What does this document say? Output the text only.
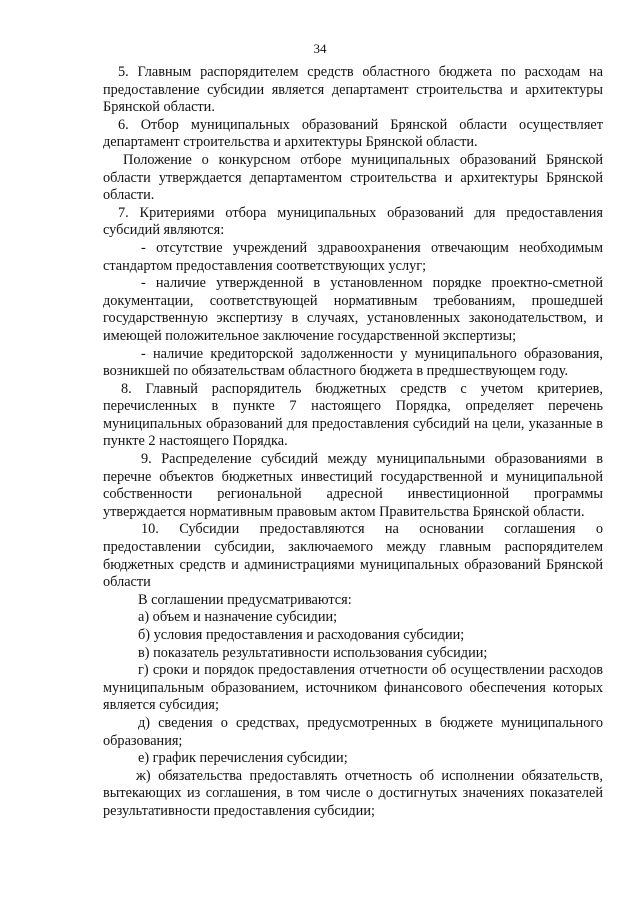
34

5. Главным распорядителем средств областного бюджета по расходам на предоставление субсидии является департамент строительства и архитектуры Брянской области.

6. Отбор муниципальных образований Брянской области осуществляет департамент строительства и архитектуры Брянской области.

Положение о конкурсном отборе муниципальных образований Брянской области утверждается департаментом строительства и архитектуры Брянской области.

7. Критериями отбора муниципальных образований для предоставления субсидий являются:

- отсутствие учреждений здравоохранения отвечающим необходимым стандартом предоставления соответствующих услуг;

- наличие утвержденной в установленном порядке проектно-сметной документации, соответствующей нормативным требованиям, прошедшей государственную экспертизу в случаях, установленных законодательством, и имеющей положительное заключение государственной экспертизы;

- наличие кредиторской задолженности у муниципального образования, возникшей по обязательствам областного бюджета в предшествующем году.

8. Главный распорядитель бюджетных средств с учетом критериев, перечисленных в пункте 7 настоящего Порядка, определяет перечень муниципальных образований для предоставления субсидий на цели, указанные в пункте 2 настоящего Порядка.

9. Распределение субсидий между муниципальными образованиями в перечне объектов бюджетных инвестиций государственной и муниципальной собственности региональной адресной инвестиционной программы утверждается нормативным правовым актом Правительства Брянской области.

10. Субсидии предоставляются на основании соглашения о предоставлении субсидии, заключаемого между главным распорядителем бюджетных средств и администрациями муниципальных образований Брянской области

В соглашении предусматриваются:

а) объем и назначение субсидии;

б) условия предоставления и расходования субсидии;

в) показатель результативности использования субсидии;

г) сроки и порядок предоставления отчетности об осуществлении расходов муниципальным образованием, источником финансового обеспечения которых является субсидия;

д) сведения о средствах, предусмотренных в бюджете муниципального образования;

е) график перечисления субсидии;

ж) обязательства предоставлять отчетность об исполнении обязательств, вытекающих из соглашения, в том числе о достигнутых значениях показателей результативности предоставления субсидии;
